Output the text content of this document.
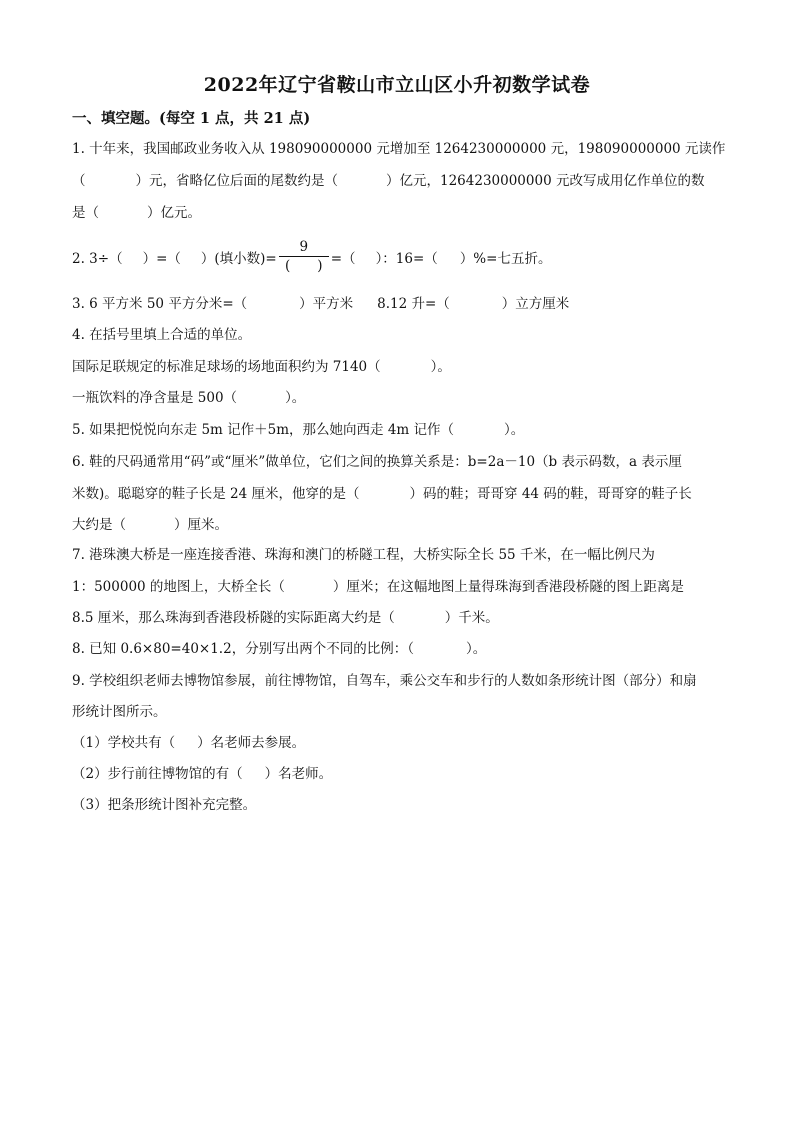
2022年辽宁省鞍山市立山区小升初数学试卷
一、填空题。(每空 1 点，共 21 点)
1. 十年来，我国邮政业务收入从 198090000000 元增加至 1264230000000 元，198090000000 元读作
（	）元，省略亿位后面的尾数约是（	）亿元，1264230000000 元改写成用亿作单位的数
是（	）亿元。
2. 3÷（ ）=（ ）(填小数)= $\frac{9}{( )}$ =（ ）：16=（ ）%=七五折。
3. 6 平方米 50 平方分米=（	）平方米 8.12 升=（	）立方厘米
4. 在括号里填上合适的单位。
国际足联规定的标准足球场的场地面积约为 7140（	）。
一瓶饮料的净含量是 500（	）。
5. 如果把悦悦向东走 5m 记作＋5m，那么她向西走 4m 记作（	）。
6. 鞋的尺码通常用“码”或“厘米”做单位，它们之间的换算关系是：b=2a－10（b 表示码数，a 表示厘
米数)。聪聪穿的鞋子长是 24 厘米，他穿的是（	）码的鞋；哥哥穿 44 码的鞋，哥哥穿的鞋子长
大约是（	）厘米。
7. 港珠澳大桥是一座连接香港、珠海和澳门的桥隧工程，大桥实际全长 55 千米，在一幅比例尺为
1：500000 的地图上，大桥全长（	）厘米；在这幅地图上量得珠海到香港段桥隧的图上距离是
8.5 厘米，那么珠海到香港段桥隧的实际距离大约是（	）千米。
8. 已知 0.6×80=40×1.2，分别写出两个不同的比例：（	）。
9. 学校组织老师去博物馆参展，前往博物馆，自驾车，乘公交车和步行的人数如条形统计图（部分）和扇
形统计图所示。
（1）学校共有（ ）名老师去参展。
（2）步行前往博物馆的有（ ）名老师。
（3）把条形统计图补充完整。
